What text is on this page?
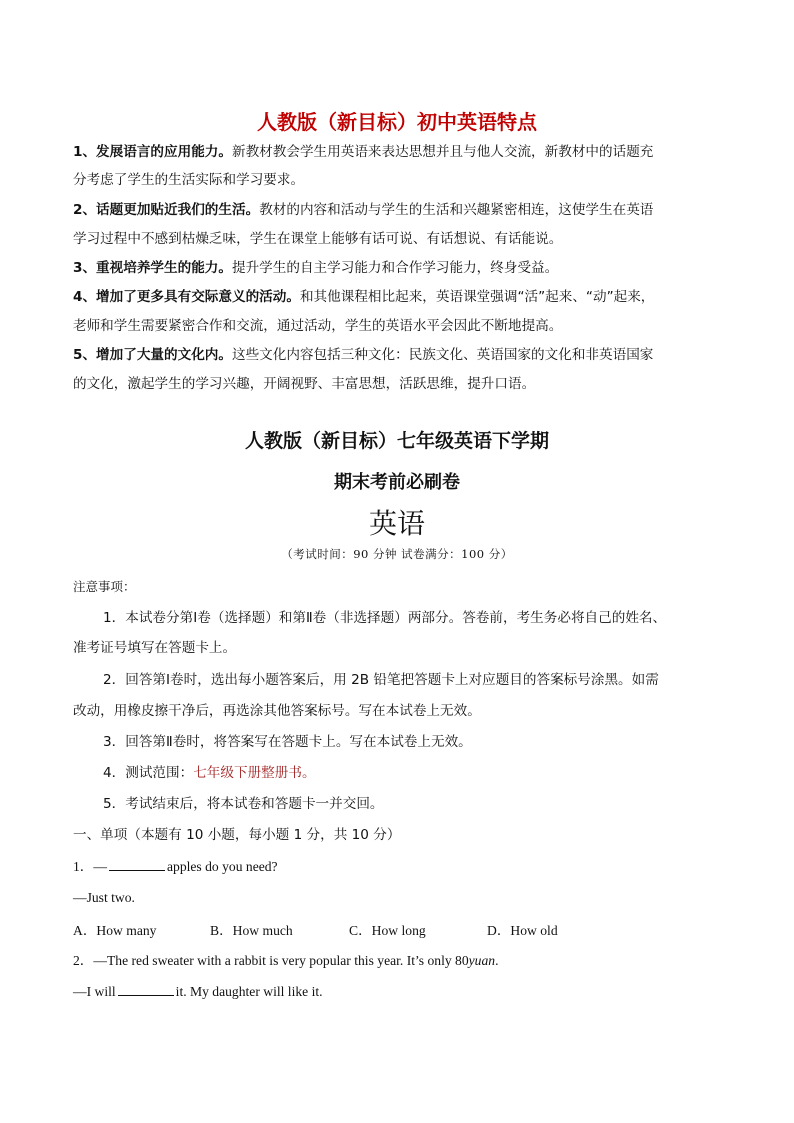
人教版（新目标）初中英语特点
1、发展语言的应用能力。新教材教会学生用英语来表达思想并且与他人交流，新教材中的话题充
分考虑了学生的生活实际和学习要求。
2、话题更加贴近我们的生活。教材的内容和活动与学生的生活和兴趣紧密相连，这使学生在英语
学习过程中不感到枯燥乏味，学生在课堂上能够有话可说、有话想说、有话能说。
3、重视培养学生的能力。提升学生的自主学习能力和合作学习能力，终身受益。
4、增加了更多具有交际意义的活动。和其他课程相比起来，英语课堂强调“活”起来、“动”起来，
老师和学生需要紧密合作和交流，通过活动，学生的英语水平会因此不断地提高。
5、增加了大量的文化内。这些文化内容包括三种文化：民族文化、英语国家的文化和非英语国家
的文化，激起学生的学习兴趣，开阔视野、丰富思想，活跃思维，提升口语。
人教版（新目标）七年级英语下学期
期末考前必刷卷
英语
（考试时间：90 分钟 试卷满分：100 分）
注意事项：
1．本试卷分第Ⅰ卷（选择题）和第Ⅱ卷（非选择题）两部分。答卷前，考生务必将自己的姓名、
准考证号填写在答题卡上。
2．回答第Ⅰ卷时，选出每小题答案后，用 2B 铅笔把答题卡上对应题目的答案标号涂黑。如需
改动，用橡皮擦干净后，再选涂其他答案标号。写在本试卷上无效。
3．回答第Ⅱ卷时，将答案写在答题卡上。写在本试卷上无效。
4．测试范围：七年级下册整册书。
5．考试结束后，将本试卷和答题卡一并交回。
一、单项（本题有 10 小题，每小题 1 分，共 10 分）
1．—	apples do you need?
—Just two.
A．How many	B．How much	C．How long	D．How old
2．—The red sweater with a rabbit is very popular this year. It’s only 80yuan.
—I will	it. My daughter will like it.
